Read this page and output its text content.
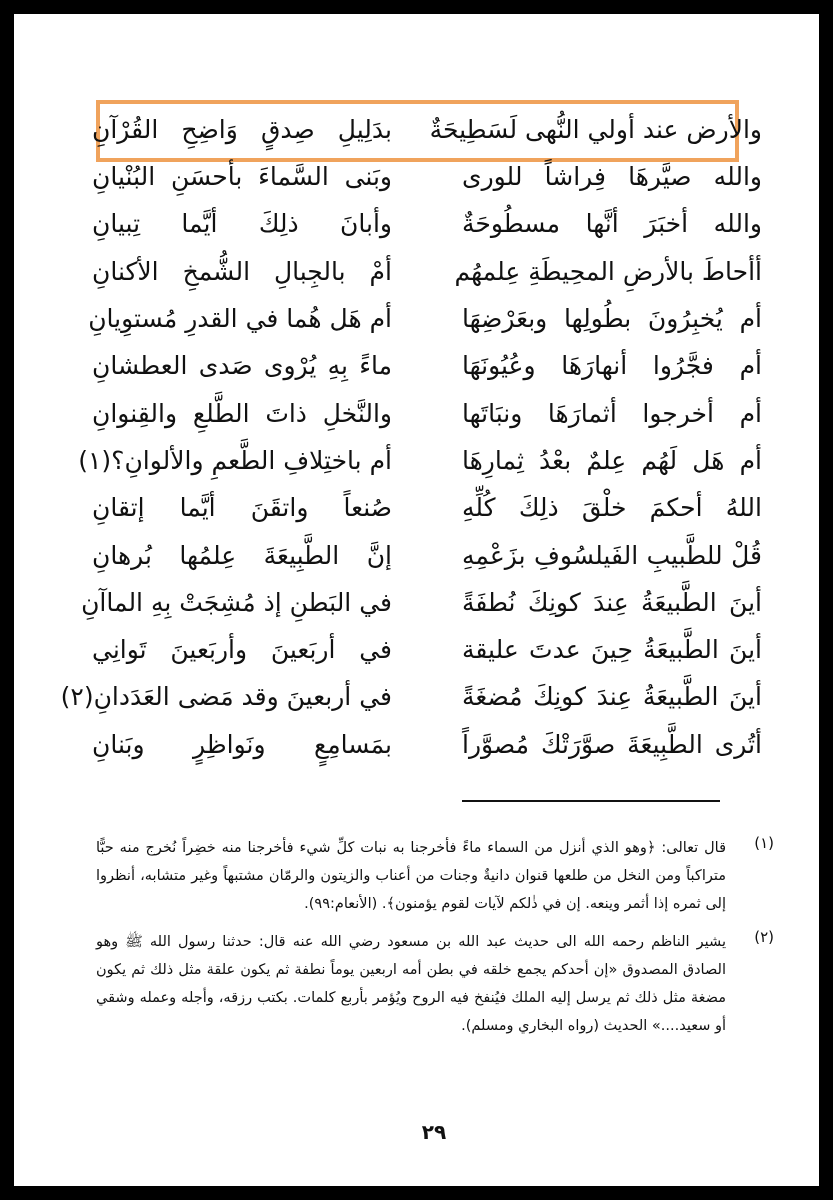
والأرض عند أولي النُّهى لَسَطِيحَةٌ
بدَلِيلِ صِدقٍ وَاضِحِ القُرْآنِ
والله صيَّرهَا فِراشاً للورى
وبَنى السَّماءَ بأحسَنِ البُنْيانِ
والله أخبَرَ أنَّها مسطُوحَةٌ
وأبانَ ذلِكَ أيَّما تِبيانِ
أأحاطَ بالأرضِ المحِيطَةِ عِلمهُم
أمْ بالجِبالِ الشُّمخِ الأكنانِ
أم يُخبِرُونَ بطُولِها وبعَرْضِهَا
أم هَل هُما في القدرِ مُستوِيانِ
أم فجَّرُوا أنهارَهَا وعُيُونَهَا
ماءً بِهِ يُرْوى صَدى العطشانِ
أم أخرجوا أثمارَهَا ونبَاتَها
والنَّخلِ ذاتَ الطَّلعِ والقِنوانِ
أم هَل لَهُم عِلمٌ بعْدُ ثِمارِهَا
أم باختِلافِ الطَّعمِ والألوانِ؟(١)
اللهُ أحكمَ خلْقَ ذلِكَ كُلِّهِ
صُنعاً واتقَنَ أيَّما إتقانِ
قُلْ للطَّبيبِ الفَيلسُوفِ بزَعْمِهِ
إنَّ الطَّبِيعَةَ عِلمُها بُرهانِ
أينَ الطَّبيعَةُ عِندَ كونِكَ نُطفَةً
في البَطنِ إذ مُشِجَتْ بِهِ الماآنِ
أينَ الطَّبيعَةُ حِينَ عدتَ عليقة
في أربَعينَ وأربَعينَ تَوانِي
أينَ الطَّبيعَةُ عِندَ كونِكَ مُضغَةً
في أربعينَ وقد مَضى العَدَدانِ(٢)
أتُرى الطَّبِيعَةَ صوَّرَتْكَ مُصوَّراً
بمَسامِعٍ ونَواظِرٍ وبَنانِ
(١)
قال تعالى: ﴿وهو الذي أنزل من السماء ماءً فأخرجنا به نبات كلِّ شيء فأخرجنا منه خضِراً نُخرج منه حبًّا متراكباً ومن النخل من طلعها قنوان دانيةٌ وجنات من أعناب والزيتون والرمّان مشتبهاً وغير متشابه، أنظروا إلى ثمره إذا أثمر وينعه. إن في ذٰلكم لآيات لقوم يؤمنون﴾. (الأنعام:٩٩).
(٢)
يشير الناظم رحمه الله الى حديث عبد الله بن مسعود رضي الله عنه قال: حدثنا رسول الله ﷺ وهو الصادق المصدوق «إن أحدكم يجمع خلقه في بطن أمه اربعين يوماً نطفة ثم يكون علقة مثل ذلك ثم يكون مضغة مثل ذلك ثم يرسل إليه الملك فيُنفخ فيه الروح ويُؤمر بأربع كلمات. بكتب رزقه، وأجله وعمله وشقي أو سعيد....» الحديث (رواه البخاري ومسلم).
٢٩
